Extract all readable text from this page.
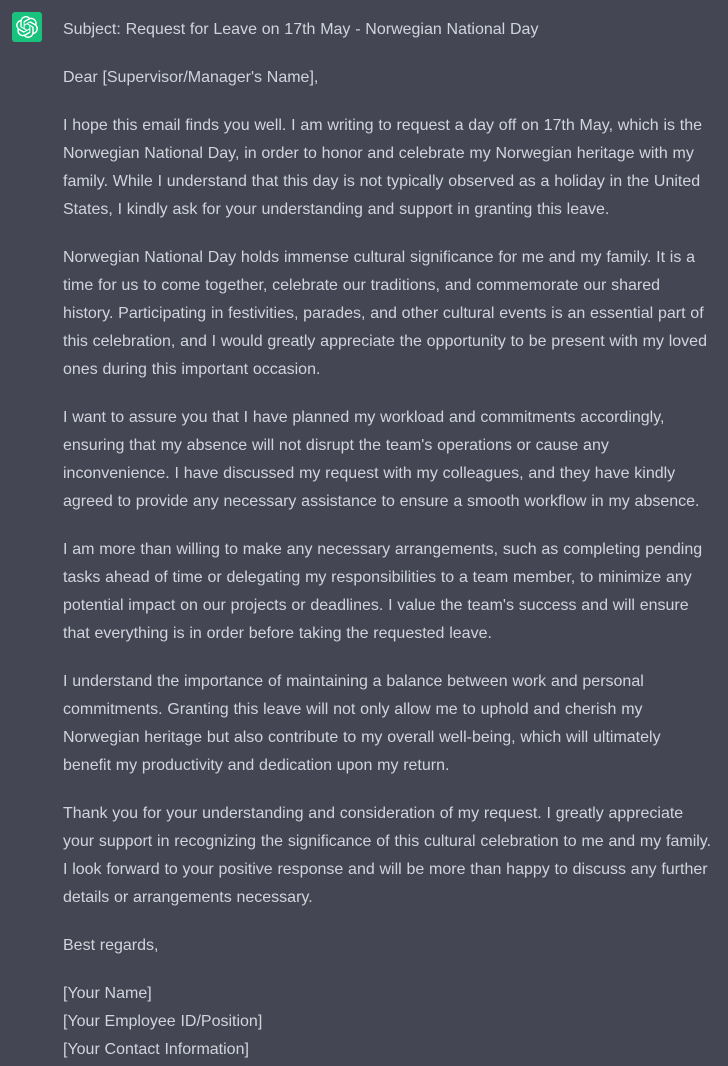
Subject: Request for Leave on 17th May - Norwegian National Day

Dear [Supervisor/Manager's Name],

I hope this email finds you well. I am writing to request a day off on 17th May, which is the Norwegian National Day, in order to honor and celebrate my Norwegian heritage with my family. While I understand that this day is not typically observed as a holiday in the United States, I kindly ask for your understanding and support in granting this leave.

Norwegian National Day holds immense cultural significance for me and my family. It is a time for us to come together, celebrate our traditions, and commemorate our shared history. Participating in festivities, parades, and other cultural events is an essential part of this celebration, and I would greatly appreciate the opportunity to be present with my loved ones during this important occasion.

I want to assure you that I have planned my workload and commitments accordingly, ensuring that my absence will not disrupt the team's operations or cause any inconvenience. I have discussed my request with my colleagues, and they have kindly agreed to provide any necessary assistance to ensure a smooth workflow in my absence.

I am more than willing to make any necessary arrangements, such as completing pending tasks ahead of time or delegating my responsibilities to a team member, to minimize any potential impact on our projects or deadlines. I value the team's success and will ensure that everything is in order before taking the requested leave.

I understand the importance of maintaining a balance between work and personal commitments. Granting this leave will not only allow me to uphold and cherish my Norwegian heritage but also contribute to my overall well-being, which will ultimately benefit my productivity and dedication upon my return.

Thank you for your understanding and consideration of my request. I greatly appreciate your support in recognizing the significance of this cultural celebration to me and my family. I look forward to your positive response and will be more than happy to discuss any further details or arrangements necessary.

Best regards,

[Your Name]
[Your Employee ID/Position]
[Your Contact Information]
